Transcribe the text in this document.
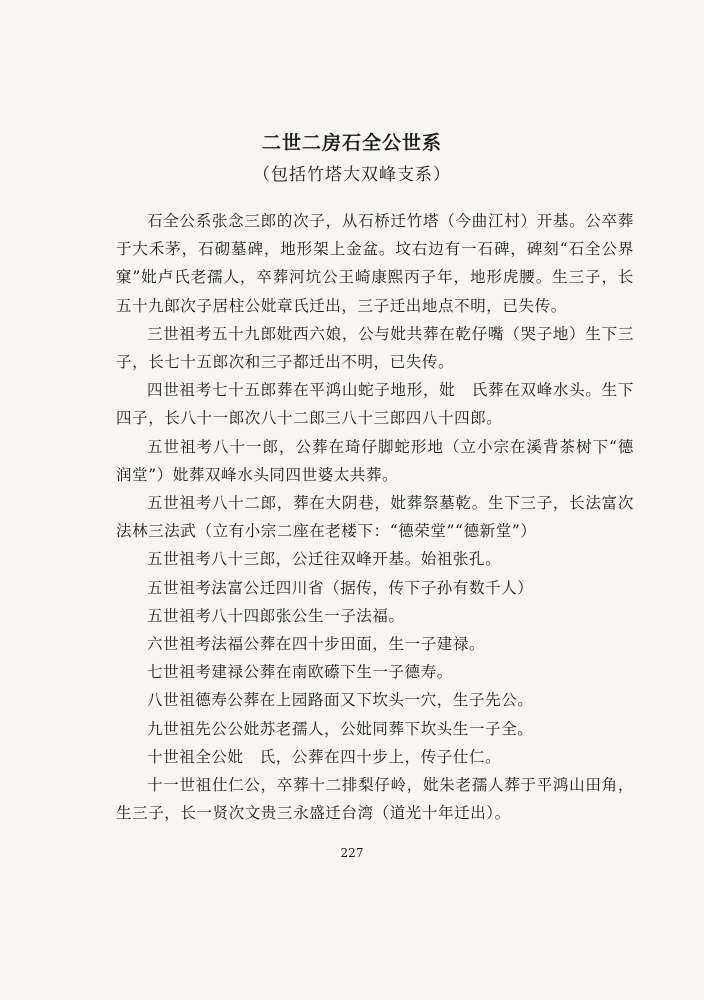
二世二房石全公世系
（包括竹塔大双峰支系）

石全公系张念三郎的次子，从石桥迁竹塔（今曲江村）开基。公卒葬于大禾茅，石砌墓碑，地形架上金盆。坟右边有一石碑，碑刻“石全公界窠”妣卢氏老孺人，卒葬河坑公王崎康熙丙子年，地形虎腰。生三子，长五十九郎次子居柱公妣章氏迁出，三子迁出地点不明，已失传。

三世祖考五十九郎妣西六娘，公与妣共葬在乾仔嘴（哭子地）生下三子，长七十五郎次和三子都迁出不明，已失传。

四世祖考七十五郎葬在平鸿山蛇子地形，妣　氏葬在双峰水头。生下四子，长八十一郎次八十二郎三八十三郎四八十四郎。

五世祖考八十一郎，公葬在琦仔脚蛇形地（立小宗在溪背茶树下“德润堂”）妣葬双峰水头同四世婆太共葬。

五世祖考八十二郎，葬在大阴巷，妣葬祭墓乾。生下三子，长法富次法林三法武（立有小宗二座在老楼下：“德荣堂”“德新堂”）

五世祖考八十三郎，公迁往双峰开基。始祖张孔。

五世祖考法富公迁四川省（据传，传下子孙有数千人）

五世祖考八十四郎张公生一子法福。

六世祖考法福公葬在四十步田面，生一子建禄。

七世祖考建禄公葬在南欧礤下生一子德寿。

八世祖德寿公葬在上园路面又下坎头一穴，生子先公。

九世祖先公公妣苏老孺人，公妣同葬下坎头生一子全。

十世祖全公妣　氏，公葬在四十步上，传子仕仁。

十一世祖仕仁公，卒葬十二排梨仔岭，妣朱老孺人葬于平鸿山田角，生三子，长一贤次文贵三永盛迁台湾（道光十年迁出）。

227
